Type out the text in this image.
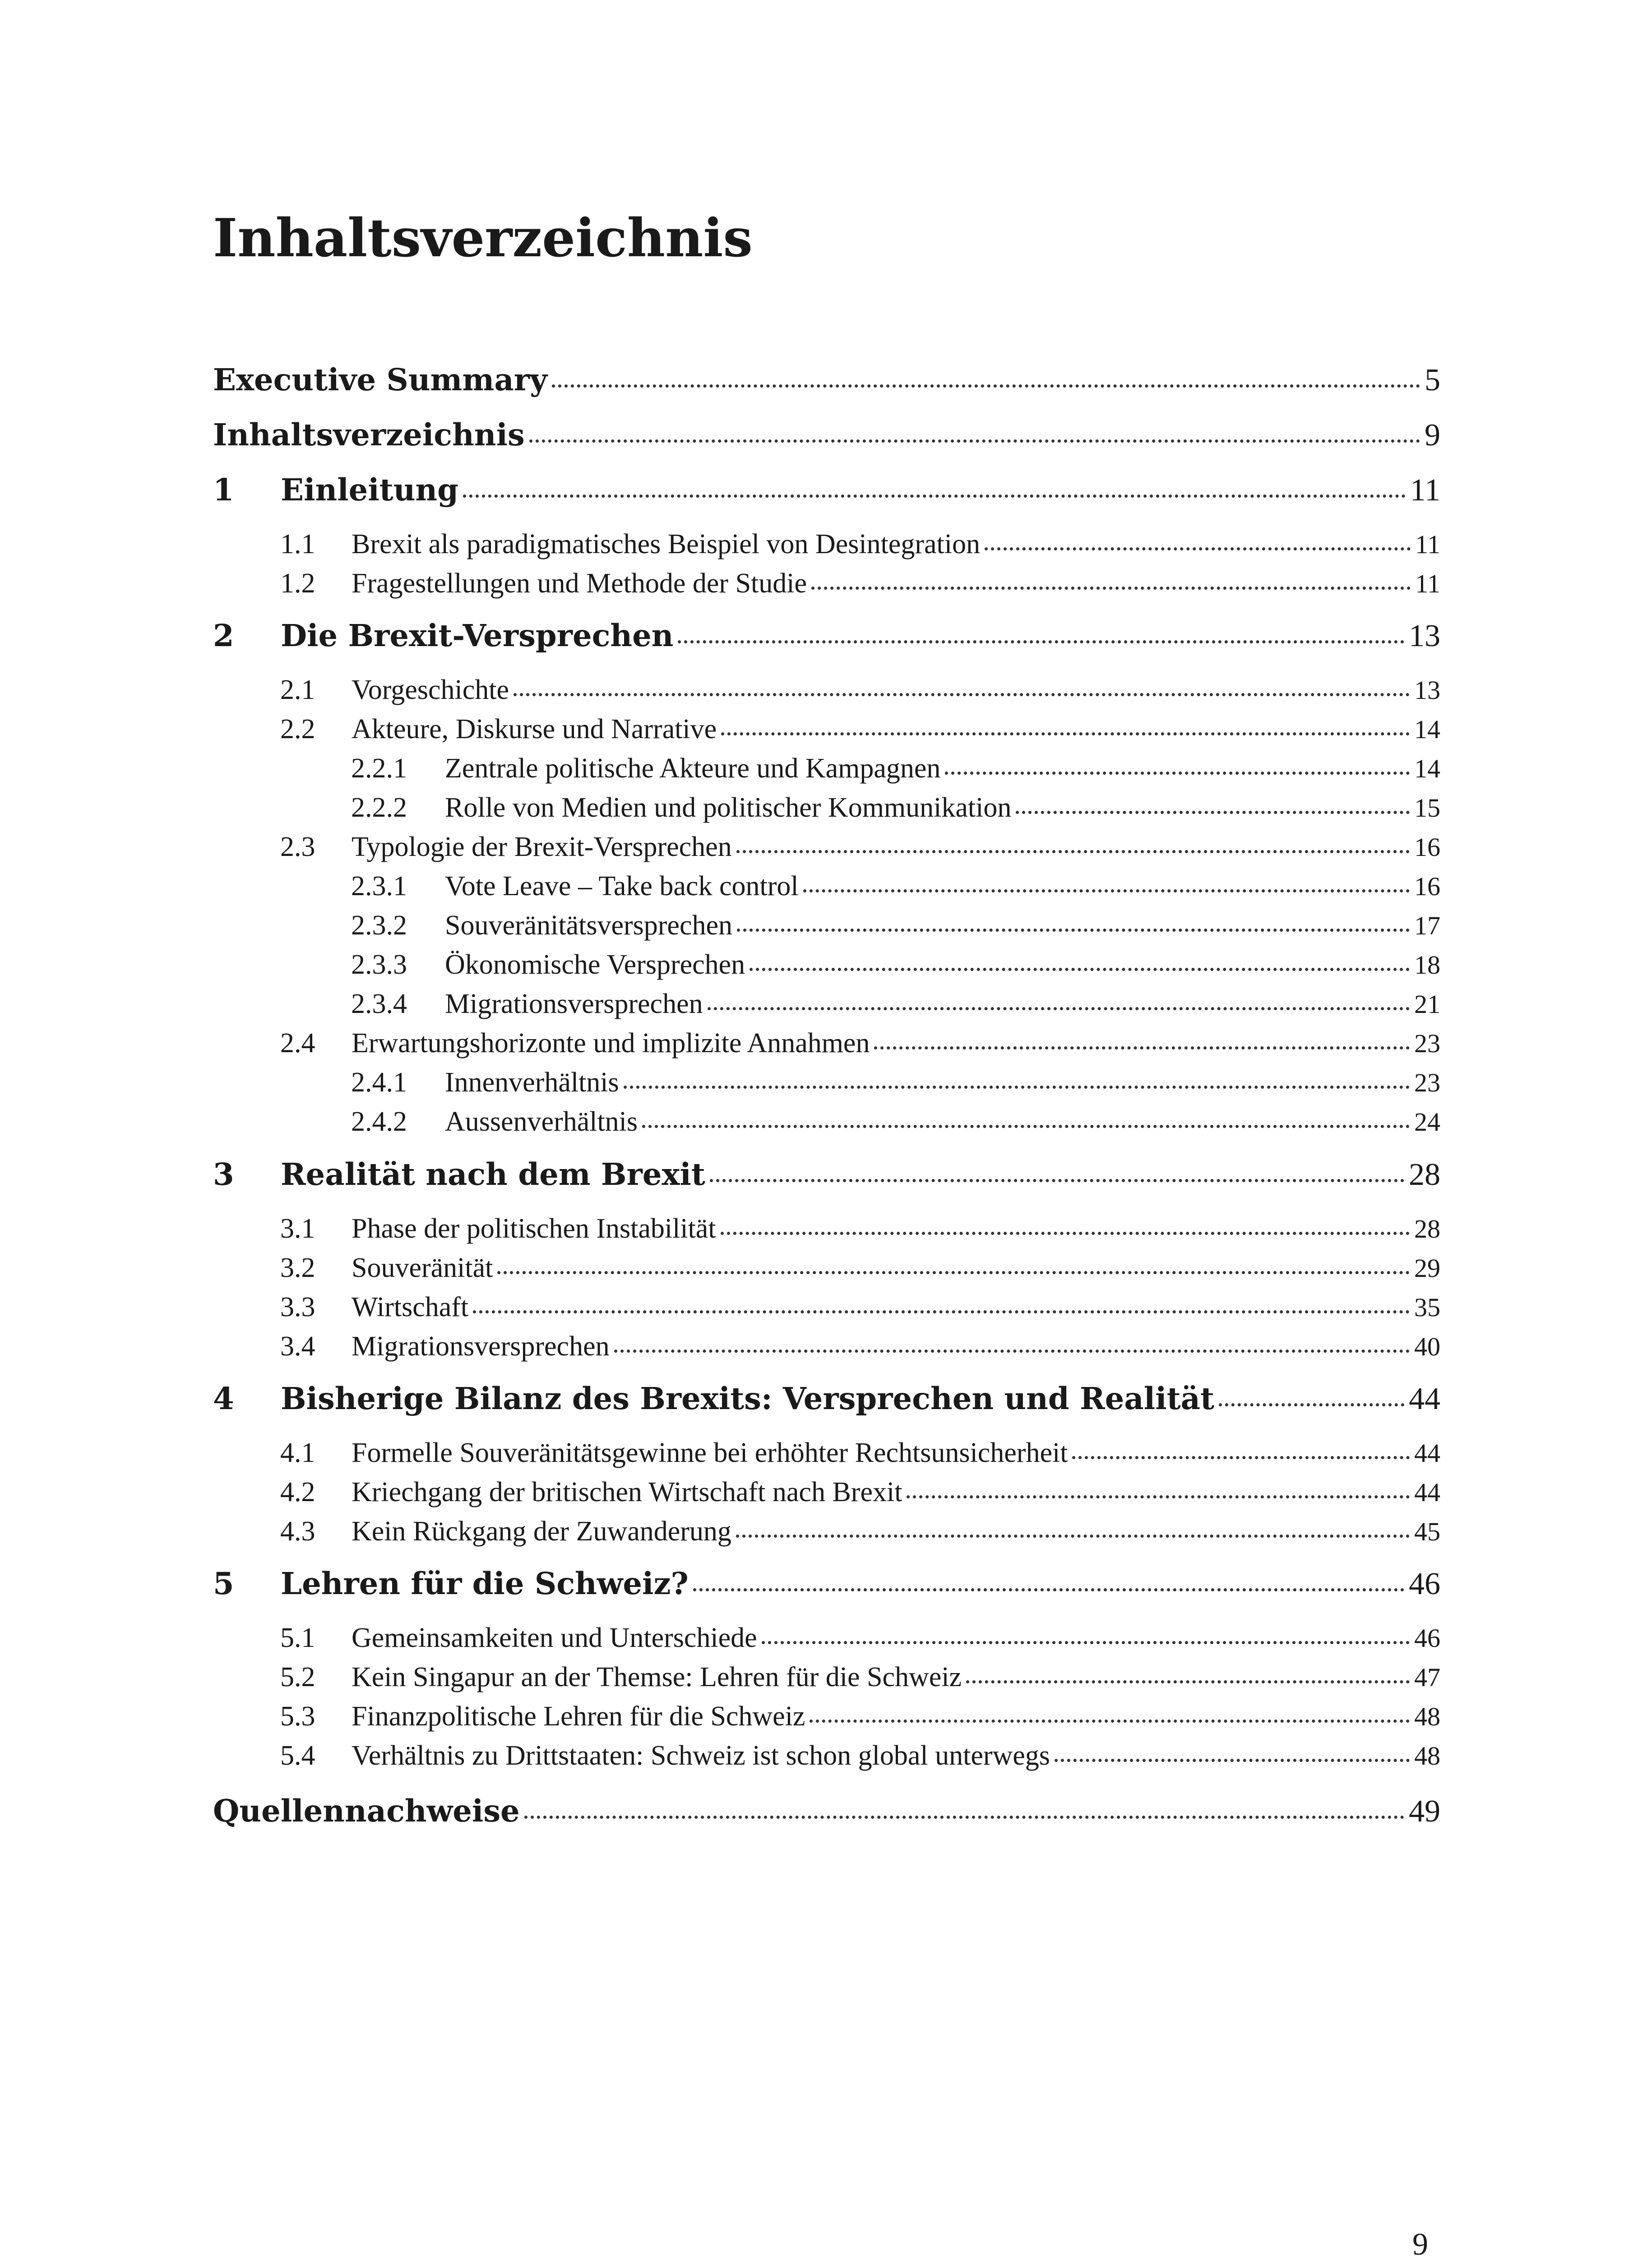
Inhaltsverzeichnis
Executive Summary	5
Inhaltsverzeichnis	9
1	Einleitung	11
1.1	Brexit als paradigmatisches Beispiel von Desintegration	11
1.2	Fragestellungen und Methode der Studie	11
2	Die Brexit-Versprechen	13
2.1	Vorgeschichte	13
2.2	Akteure, Diskurse und Narrative	14
2.2.1	Zentrale politische Akteure und Kampagnen	14
2.2.2	Rolle von Medien und politischer Kommunikation	15
2.3	Typologie der Brexit-Versprechen	16
2.3.1	Vote Leave – Take back control	16
2.3.2	Souveränitätsversprechen	17
2.3.3	Ökonomische Versprechen	18
2.3.4	Migrationsversprechen	21
2.4	Erwartungshorizonte und implizite Annahmen	23
2.4.1	Innenverhältnis	23
2.4.2	Aussenverhältnis	24
3	Realität nach dem Brexit	28
3.1	Phase der politischen Instabilität	28
3.2	Souveränität	29
3.3	Wirtschaft	35
3.4	Migrationsversprechen	40
4	Bisherige Bilanz des Brexits: Versprechen und Realität	44
4.1	Formelle Souveränitätsgewinne bei erhöhter Rechtsunsicherheit	44
4.2	Kriechgang der britischen Wirtschaft nach Brexit	44
4.3	Kein Rückgang der Zuwanderung	45
5	Lehren für die Schweiz?	46
5.1	Gemeinsamkeiten und Unterschiede	46
5.2	Kein Singapur an der Themse: Lehren für die Schweiz	47
5.3	Finanzpolitische Lehren für die Schweiz	48
5.4	Verhältnis zu Drittstaaten: Schweiz ist schon global unterwegs	48
Quellennachweise	49
9
